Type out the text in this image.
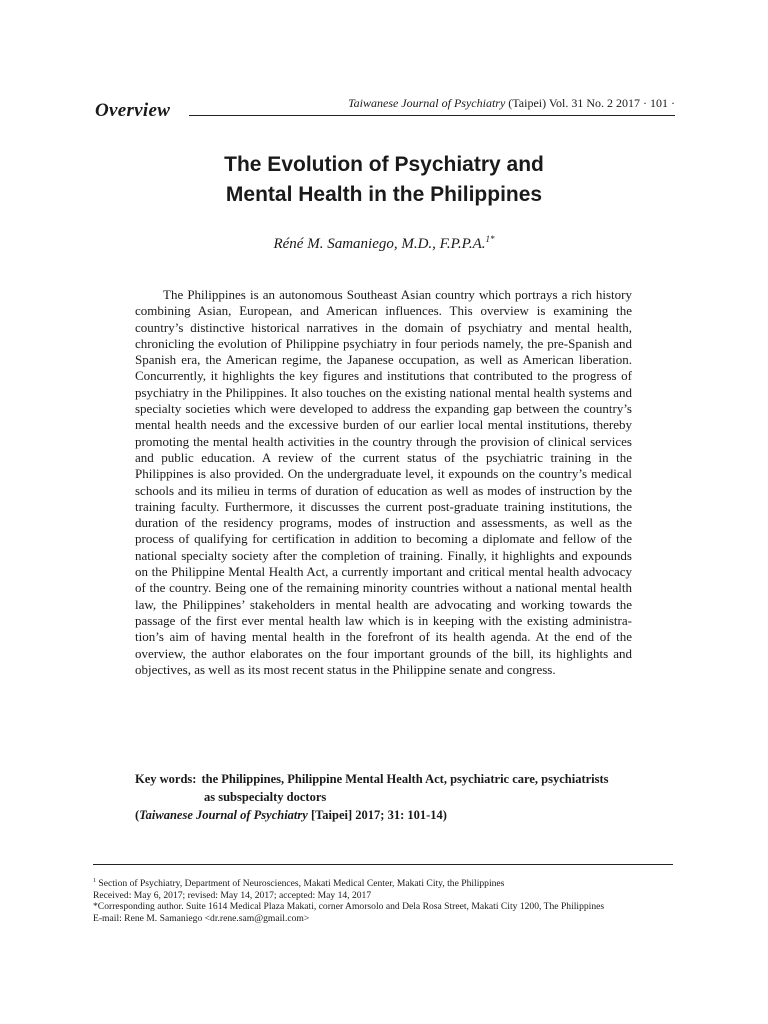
Overview	Taiwanese Journal of Psychiatry (Taipei) Vol. 31 No. 2 2017 · 101 ·
The Evolution of Psychiatry and
Mental Health in the Philippines
Réné M. Samaniego, M.D., F.P.P.A.$^{1*}$

The Philippines is an autonomous Southeast Asian country which portrays a rich history combining Asian, European, and American influences. This overview is examining the country’s distinctive historical narratives in the domain of psychiatry and mental health, chronicling the evolution of Philippine psychiatry in four periods namely, the pre-Spanish and Spanish era, the American regime, the Japanese occupation, as well as American liberation. Concurrently, it highlights the key figures and institutions that contributed to the progress of psychiatry in the Philippines. It also touches on the existing national mental health systems and specialty societies which were developed to address the expanding gap between the country’s mental health needs and the excessive burden of our earlier local mental institutions, thereby promoting the mental health activities in the country through the provision of clinical services and public education. A review of the current status of the psychiatric training in the Philippines is also provided. On the undergraduate level, it expounds on the country’s medical schools and its milieu in terms of duration of education as well as modes of instruction by the training faculty. Furthermore, it discusses the current post-graduate training institutions, the duration of the residency programs, modes of instruction and assessments, as well as the process of qualifying for certification in addition to becoming a diplomate and fellow of the national specialty society after the completion of training. Finally, it highlights and expounds on the Philippine Mental Health Act, a currently important and critical mental health advocacy of the country. Being one of the remaining minority countries without a national mental health law, the Philippines’ stakeholders in mental health are advocating and working towards the passage of the first ever mental health law which is in keeping with the existing administration’s aim of having mental health in the forefront of its health agenda. At the end of the overview, the author elaborates on the four important grounds of the bill, its highlights and objectives, as well as its most recent status in the Philippine senate and congress.

Key words: the Philippines, Philippine Mental Health Act, psychiatric care, psychiatrists
as subspecialty doctors
(Taiwanese Journal of Psychiatry [Taipei] 2017; 31: 101-14)
$^1$ Section of Psychiatry, Department of Neurosciences, Makati Medical Center, Makati City, the Philippines
Received: May 6, 2017; revised: May 14, 2017; accepted: May 14, 2017
*Corresponding author. Suite 1614 Medical Plaza Makati, corner Amorsolo and Dela Rosa Street, Makati City 1200, The Philippines
E-mail: Rene M. Samaniego <dr.rene.sam@gmail.com>
